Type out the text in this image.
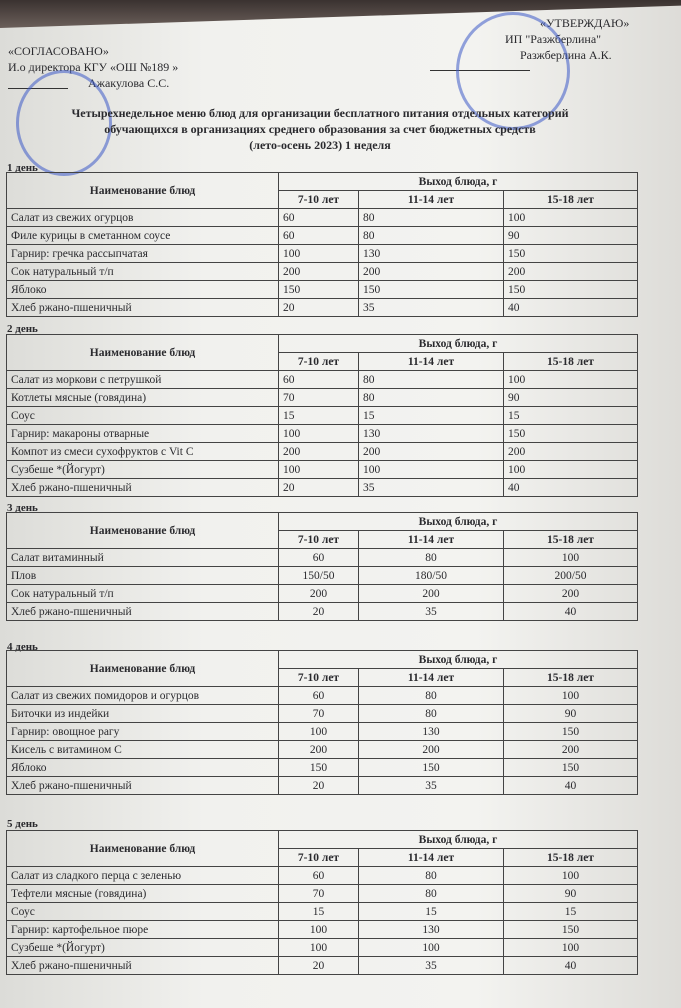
«СОГЛАСОВАНО»
И.о директора КГУ «ОШ №189 »
Ажакулова С.С.
«УТВЕРЖДАЮ»
ИП "Разжберлина"
Разжберлина А.К.
Четырехнедельное меню блюд для организации бесплатного питания отдельных категорий
обучающихся в организациях среднего образования за счет бюджетных средств
(лето-осень 2023) 1 неделя
1 день
Наименование блюд	Выход блюда, г		
	7-10 лет	11-14 лет	15-18 лет
Салат из свежих огурцов	60	80	100
Филе курицы в сметанном соусе	60	80	90
Гарнир: гречка рассыпчатая	100	130	150
Сок натуральный т/п	200	200	200
Яблоко	150	150	150
Хлеб ржано-пшеничный	20	35	40
2 день
Наименование блюд	Выход блюда, г		
	7-10 лет	11-14 лет	15-18 лет
Салат из моркови с петрушкой	60	80	100
Котлеты мясные (говядина)	70	80	90
Соус	15	15	15
Гарнир: макароны отварные	100	130	150
Компот из смеси сухофруктов с Vit C	200	200	200
Сузбеше *(Йогурт)	100	100	100
Хлеб ржано-пшеничный	20	35	40
3 день
Наименование блюд	Выход блюда, г		
	7-10 лет	11-14 лет	15-18 лет
Салат витаминный	60	80	100
Плов	150/50	180/50	200/50
Сок натуральный т/п	200	200	200
Хлеб ржано-пшеничный	20	35	40
4 день
Наименование блюд	Выход блюда, г		
	7-10 лет	11-14 лет	15-18 лет
Салат из свежих помидоров и огурцов	60	80	100
Биточки из индейки	70	80	90
Гарнир: овощное рагу	100	130	150
Кисель с витамином С	200	200	200
Яблоко	150	150	150
Хлеб ржано-пшеничный	20	35	40
5 день
Наименование блюд	Выход блюда, г		
	7-10 лет	11-14 лет	15-18 лет
Салат из сладкого перца с зеленью	60	80	100
Тефтели мясные (говядина)	70	80	90
Соус	15	15	15
Гарнир: картофельное пюре	100	130	150
Сузбеше *(Йогурт)	100	100	100
Хлеб ржано-пшеничный	20	35	40
